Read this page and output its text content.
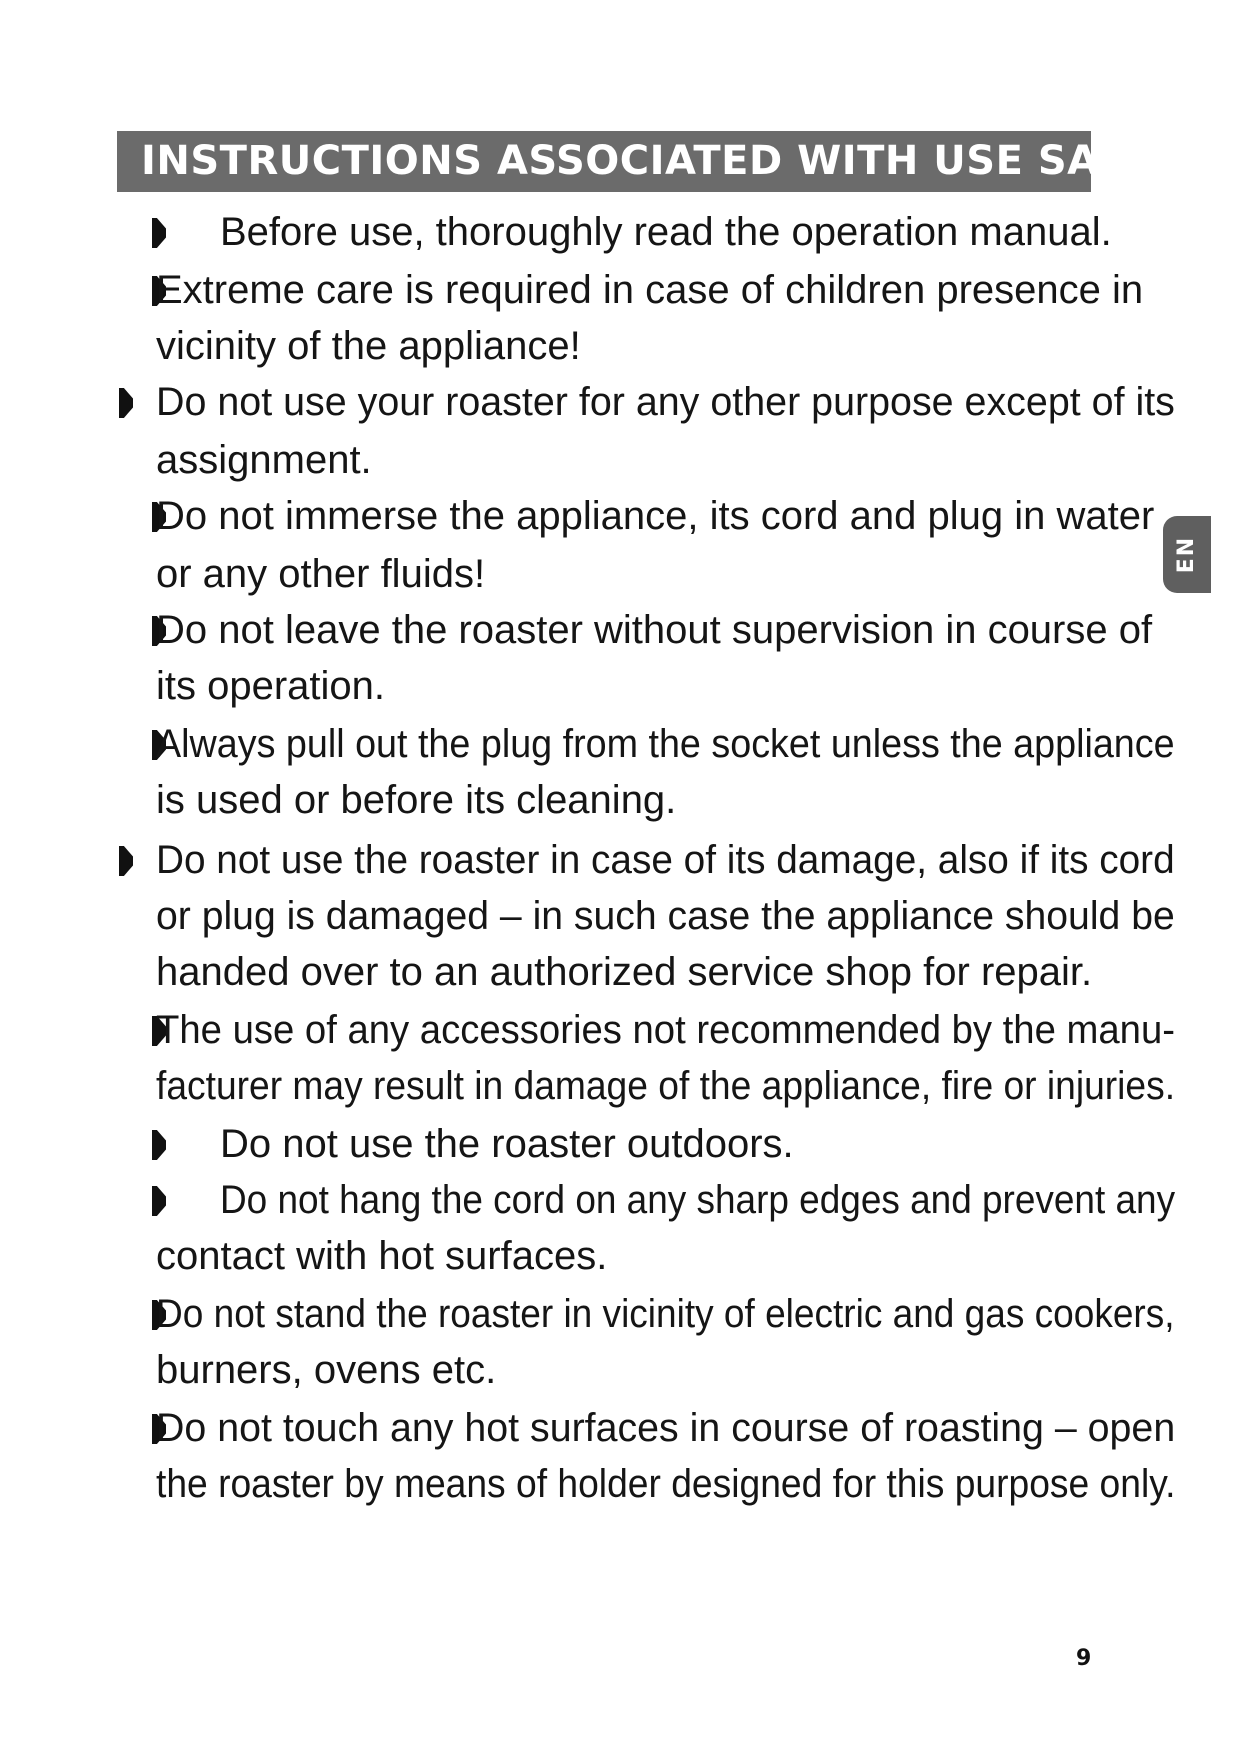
INSTRUCTIONS ASSOCIATED WITH USE SAFETY
EN
Before use, thoroughly read the operation manual.
Extreme care is required in case of children presence in
vicinity of the appliance!
Do not use your roaster for any other purpose except of its
assignment.
Do not immerse the appliance, its cord and plug in water
or any other fluids!
Do not leave the roaster without supervision in course of
its operation.
Always pull out the plug from the socket unless the appliance
is used or before its cleaning.
Do not use the roaster in case of its damage, also if its cord
or plug is damaged – in such case the appliance should be
handed over to an authorized service shop for repair.
The use of any accessories not recommended by the manu-
facturer may result in damage of the appliance, fire or injuries.
Do not use the roaster outdoors.
Do not hang the cord on any sharp edges and prevent any
contact with hot surfaces.
Do not stand the roaster in vicinity of electric and gas cookers,
burners, ovens etc.
Do not touch any hot surfaces in course of roasting – open
the roaster by means of holder designed for this purpose only.
9
